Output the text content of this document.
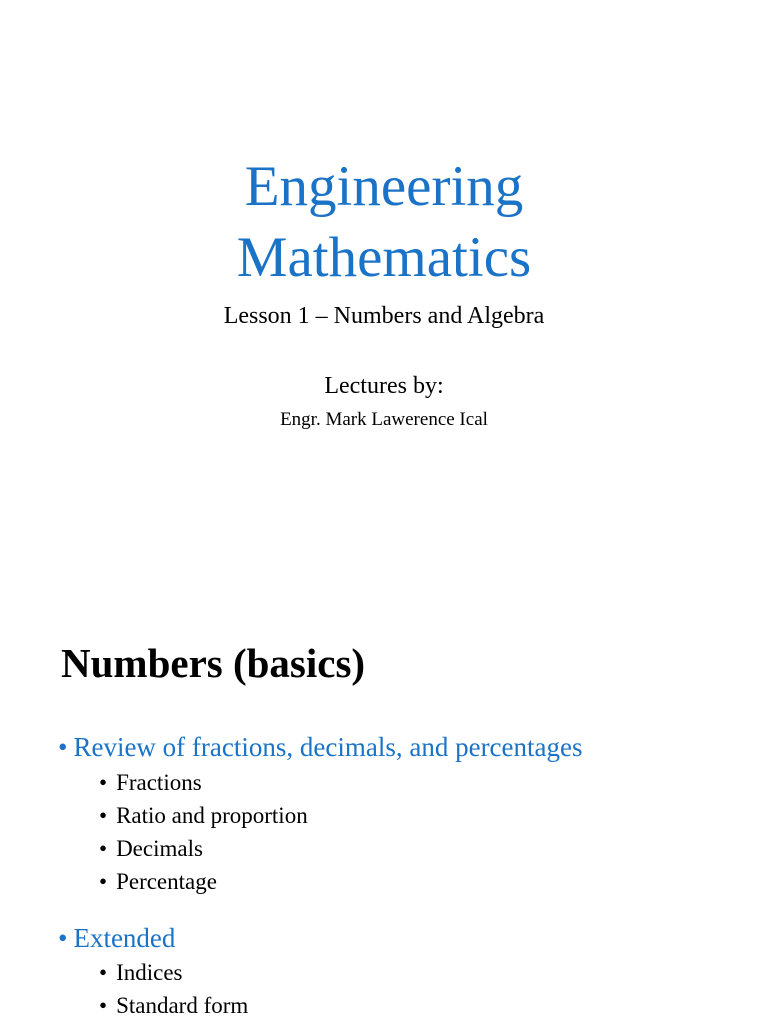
Engineering
Mathematics
Lesson 1 – Numbers and Algebra
Lectures by:
Engr. Mark Lawerence Ical
Numbers (basics)
• Review of fractions, decimals, and percentages
• Fractions
• Ratio and proportion
• Decimals
• Percentage
• Extended
• Indices
• Standard form
